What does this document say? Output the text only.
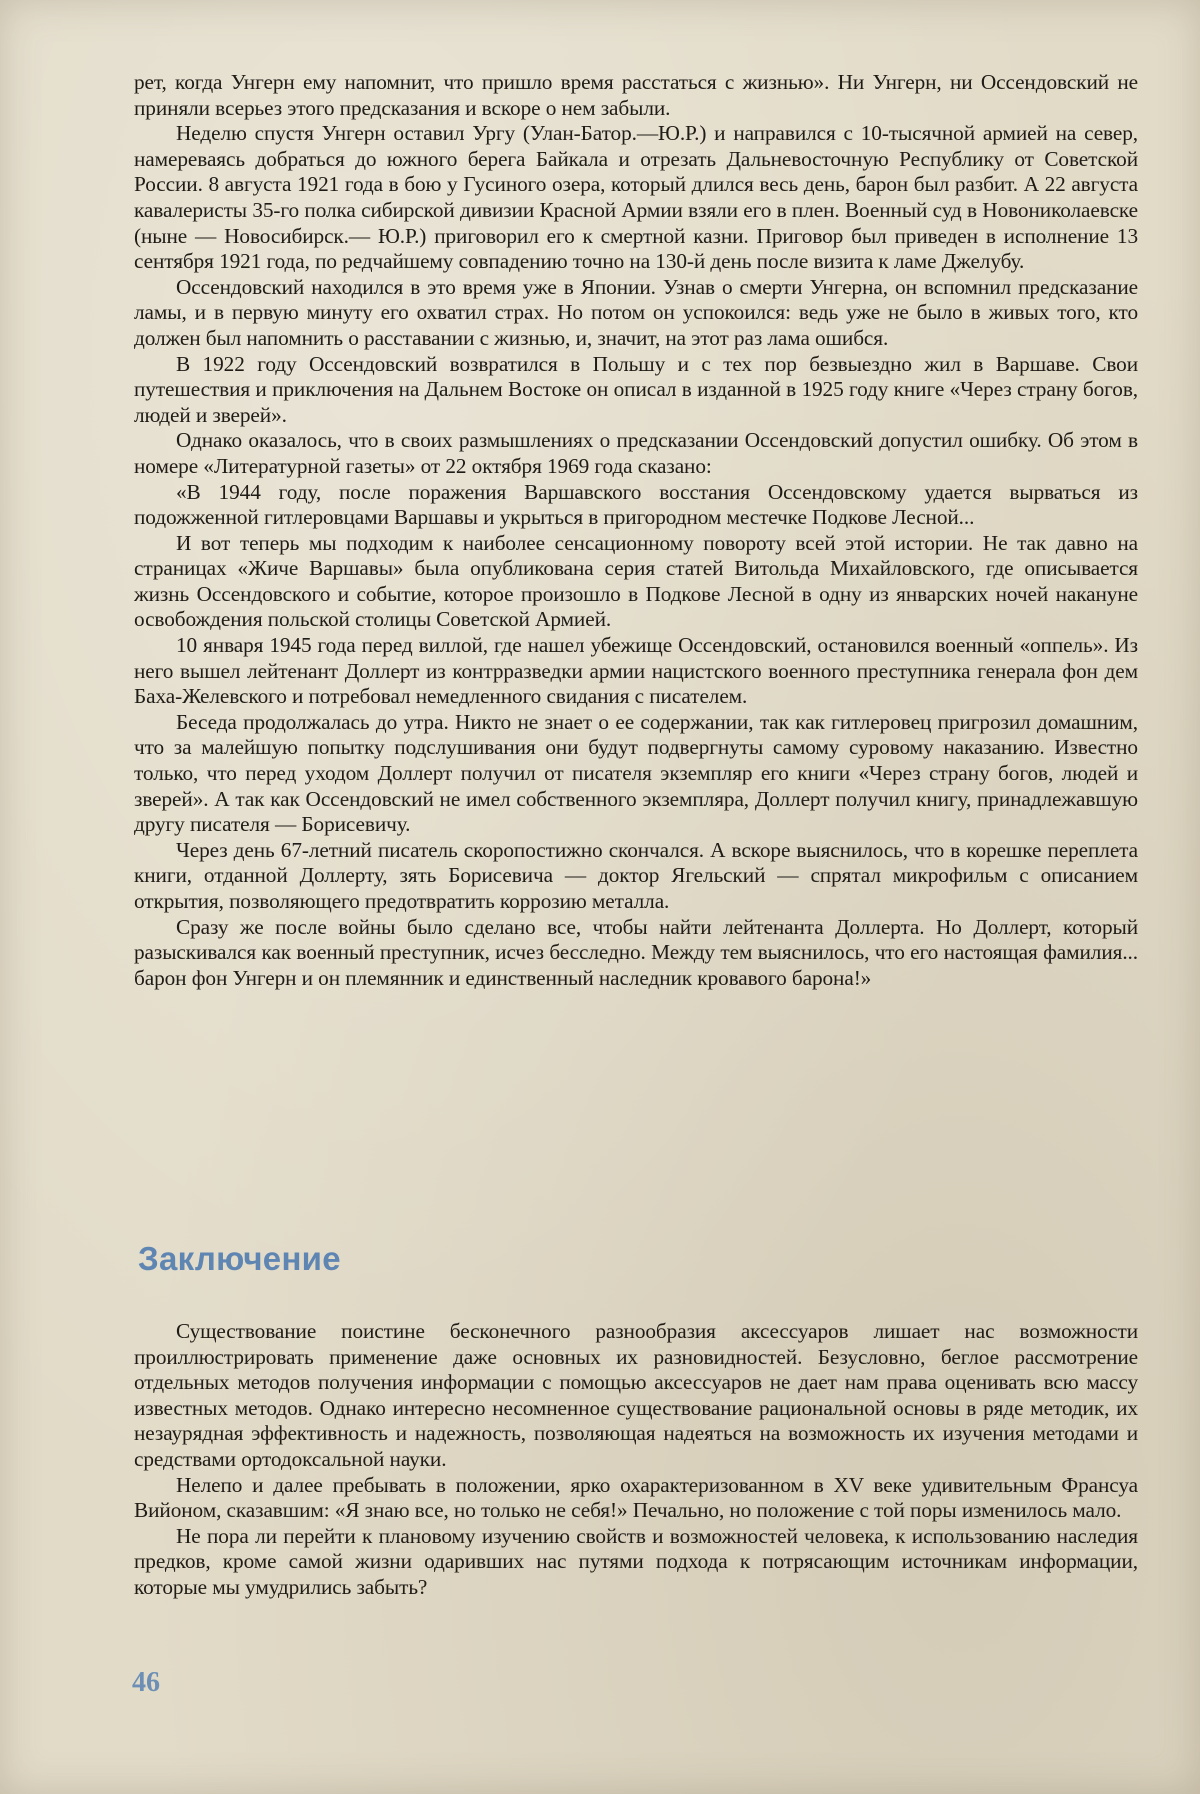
рет, когда Унгерн ему напомнит, что пришло время расстаться с жизнью». Ни Унгерн, ни Оссендовский не приняли всерьез этого предсказания и вскоре о нем забыли.

Неделю спустя Унгерн оставил Ургу (Улан-Батор.—Ю.Р.) и направился с 10-тысячной армией на север, намереваясь добраться до южного берега Байкала и отрезать Дальневосточную Республику от Советской России. 8 августа 1921 года в бою у Гусиного озера, который длился весь день, барон был разбит. А 22 августа кавалеристы 35-го полка сибирской дивизии Красной Армии взяли его в плен. Военный суд в Новониколаевске (ныне — Новосибирск.— Ю.Р.) приговорил его к смертной казни. Приговор был приведен в исполнение 13 сентября 1921 года, по редчайшему совпадению точно на 130-й день после визита к ламе Джелубу.

Оссендовский находился в это время уже в Японии. Узнав о смерти Унгерна, он вспомнил предсказание ламы, и в первую минуту его охватил страх. Но потом он успокоился: ведь уже не было в живых того, кто должен был напомнить о расставании с жизнью, и, значит, на этот раз лама ошибся.

В 1922 году Оссендовский возвратился в Польшу и с тех пор безвыездно жил в Варшаве. Свои путешествия и приключения на Дальнем Востоке он описал в изданной в 1925 году книге «Через страну богов, людей и зверей».

Однако оказалось, что в своих размышлениях о предсказании Оссендовский допустил ошибку. Об этом в номере «Литературной газеты» от 22 октября 1969 года сказано:

«В 1944 году, после поражения Варшавского восстания Оссендовскому удается вырваться из подожженной гитлеровцами Варшавы и укрыться в пригородном местечке Подкове Лесной...

И вот теперь мы подходим к наиболее сенсационному повороту всей этой истории. Не так давно на страницах «Жиче Варшавы» была опубликована серия статей Витольда Михайловского, где описывается жизнь Оссендовского и событие, которое произошло в Подкове Лесной в одну из январских ночей накануне освобождения польской столицы Советской Армией.

10 января 1945 года перед виллой, где нашел убежище Оссендовский, остановился военный «оппель». Из него вышел лейтенант Доллерт из контрразведки армии нацистского военного преступника генерала фон дем Баха-Желевского и потребовал немедленного свидания с писателем.

Беседа продолжалась до утра. Никто не знает о ее содержании, так как гитлеровец пригрозил домашним, что за малейшую попытку подслушивания они будут подвергнуты самому суровому наказанию. Известно только, что перед уходом Доллерт получил от писателя экземпляр его книги «Через страну богов, людей и зверей». А так как Оссендовский не имел собственного экземпляра, Доллерт получил книгу, принадлежавшую другу писателя — Борисевичу.

Через день 67-летний писатель скоропостижно скончался. А вскоре выяснилось, что в корешке переплета книги, отданной Доллерту, зять Борисевича — доктор Ягельский — спрятал микрофильм с описанием открытия, позволяющего предотвратить коррозию металла.

Сразу же после войны было сделано все, чтобы найти лейтенанта Доллерта. Но Доллерт, который разыскивался как военный преступник, исчез бесследно. Между тем выяснилось, что его настоящая фамилия... барон фон Унгерн и он племянник и единственный наследник кровавого барона!»

Заключение

Существование поистине бесконечного разнообразия аксессуаров лишает нас возможности проиллюстрировать применение даже основных их разновидностей. Безусловно, беглое рассмотрение отдельных методов получения информации с помощью аксессуаров не дает нам права оценивать всю массу известных методов. Однако интересно несомненное существование рациональной основы в ряде методик, их незаурядная эффективность и надежность, позволяющая надеяться на возможность их изучения методами и средствами ортодоксальной науки.

Нелепо и далее пребывать в положении, ярко охарактеризованном в XV веке удивительным Франсуа Вийоном, сказавшим: «Я знаю все, но только не себя!» Печально, но положение с той поры изменилось мало.

Не пора ли перейти к плановому изучению свойств и возможностей человека, к использованию наследия предков, кроме самой жизни одаривших нас путями подхода к потрясающим источникам информации, которые мы умудрились забыть?

46
